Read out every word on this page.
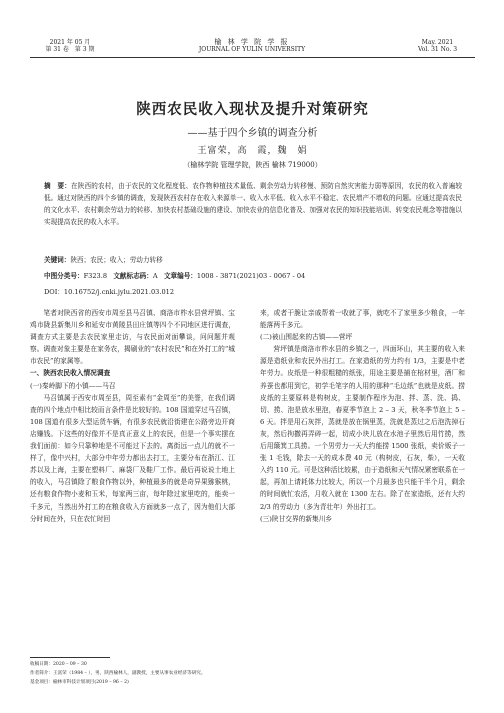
2021 年 05 月
第 31 卷　第 3 期
榆 林 学 院 学 报
JOURNAL OF YULIN UNIVERSITY
May. 2021
Vol. 31 No. 3
陕西农民收入现状及提升对策研究
——基于四个乡镇的调查分析
王富荣，高　霞，魏　娟
（榆林学院 管理学院，陕西 榆林 719000）
摘　要：在陕西的农村，由于农民的文化程度低、农作物种植技术量低、剩余劳动力转移慢、预防自然灾害能力弱等原因，农民的收入普遍较低。通过对陕西的四个乡镇的调查，发现陕西农村存在收入来源单一、收入水平低、收入水平不稳定、农民增产不增收的问题。应通过提高农民的文化水平、农村剩余劳动力的转移、加快农村基础设施的建设、加快农业的信息化普及、加强对农民的知识技能培训、转变农民观念等措施以实现提高农民的收入水平。
关键词：陕西；农民；收入；劳动力转移
中图分类号：F323.8 文献标志码：A 文章编号：1008 - 3871(2021)03 - 0067 - 04
DOI：10.16752/j.cnki.jylu.2021.03.012

笔者对陕西省的西安市周至县马召镇、商洛市柞水县营坪镇、宝鸡市陇县新集川乡和延安市黄陵县田庄镇等四个不同地区进行调查，调查方式主要是去农民家里走访，与农民面对面攀谈，问问题并观察。调查对象主要是在家务农，揭刷业的“农村农民”和在外打工的“城市农民”的家属等。

一、陕西农民收入情况调查

(一)秦岭脚下的小镇——马召

马召镇属于西安市周至县，周至素有“金周至”的美誉，在我们调查的四个地点中相比较而言条件是比较好的。108 国道穿过马召镇，108 国道有很多大型运货车辆，有很多农民就沿街建在公路旁边开商店赚钱。下这些的好像并不是真正意义上的农民，但是一个事实摆在我们面前：如今只靠种地是不可能过下去的。离街远一点儿的就不一样了，像中兴村，大部分中年劳力都出去打工，主要分布在浙江、江苏以及上海，主要在塑料厂、麻袋厂及鞋厂工作。最后再说说土地上的收入，马召镇除了粮食作物以外，种植最多的就是奇异果猕猴桃，还有粮食作物小麦和玉米，每家两三亩，每年除过家里吃的，能卖一千多元，当然出外打工的在粮食收入方面就多一点了，因为他们大部分时间在外，只在农忙时回

来，或者干脆让亲戚帮着一收就了事，就吃不了家里多少粮食，一年能落两千多元。

(二)被山围起来的古镇——营坪

营坪镇是商洛市柞水县的乡镇之一，四面环山，其主要的收入来源是造纸业和农民外出打工。在家造纸的劳力约有 1/3，主要是中老年劳力。皮纸是一种很粗糙的纸张，用途主要是捕在棺材里，酒厂和养蚕也都用到它，初学毛笔字的人用的那种“毛边纸”也就是皮纸。捞皮纸的主要原料是构树皮，主要制作程序为泡、拌、蒸、洗、捣、切、捞、泡是放水里泡，春夏季节泡上 2 – 3 天，秋冬季节泡上 5 – 6 天。拌是用石灰拌，蒸就是放在锅里蒸，洗就是蒸过之后泡洗掉石灰，然后拘撒再弄碎一起，切成小块儿放在水池子里然后用竹捞，然后用簸箕工具捞。一个男劳力一天大约能捞 1500 张纸，卖价贩子一张 1 毛钱，除去一天的成本费 40 元（构树皮，石灰，柴），一天收入约 110 元。可是这种活比较累，由于造纸和天气情况紧密联系在一起，再加上请耗体力比较大，所以一个月最多也只能干半个月，剩余的时间就忙农活，月收入就在 1300 左右。除了在家造纸，还有大约 2/3 的劳动力（多为青壮年）外出打工。

(三)陕甘交界的新集川乡

收稿日期：2020 – 09 – 30
作者简介：王富荣（1984 – ），男，陕西榆林人，副教授，主要从事农业经济等研究。
基金项目：榆林市科技计划项目(2019 – 96 – 2)
